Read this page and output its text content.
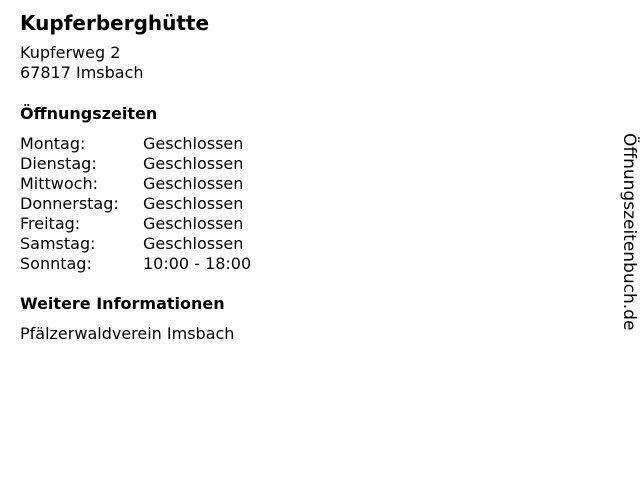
Kupferberghütte
Kupferweg 2
67817 Imsbach
Öffnungszeiten
Montag:	Geschlossen
Dienstag:	Geschlossen
Mittwoch:	Geschlossen
Donnerstag:	Geschlossen
Freitag:	Geschlossen
Samstag:	Geschlossen
Sonntag:	10:00 - 18:00
Weitere Informationen
Pfälzerwaldverein Imsbach
Öffnungszeitenbuch.de
